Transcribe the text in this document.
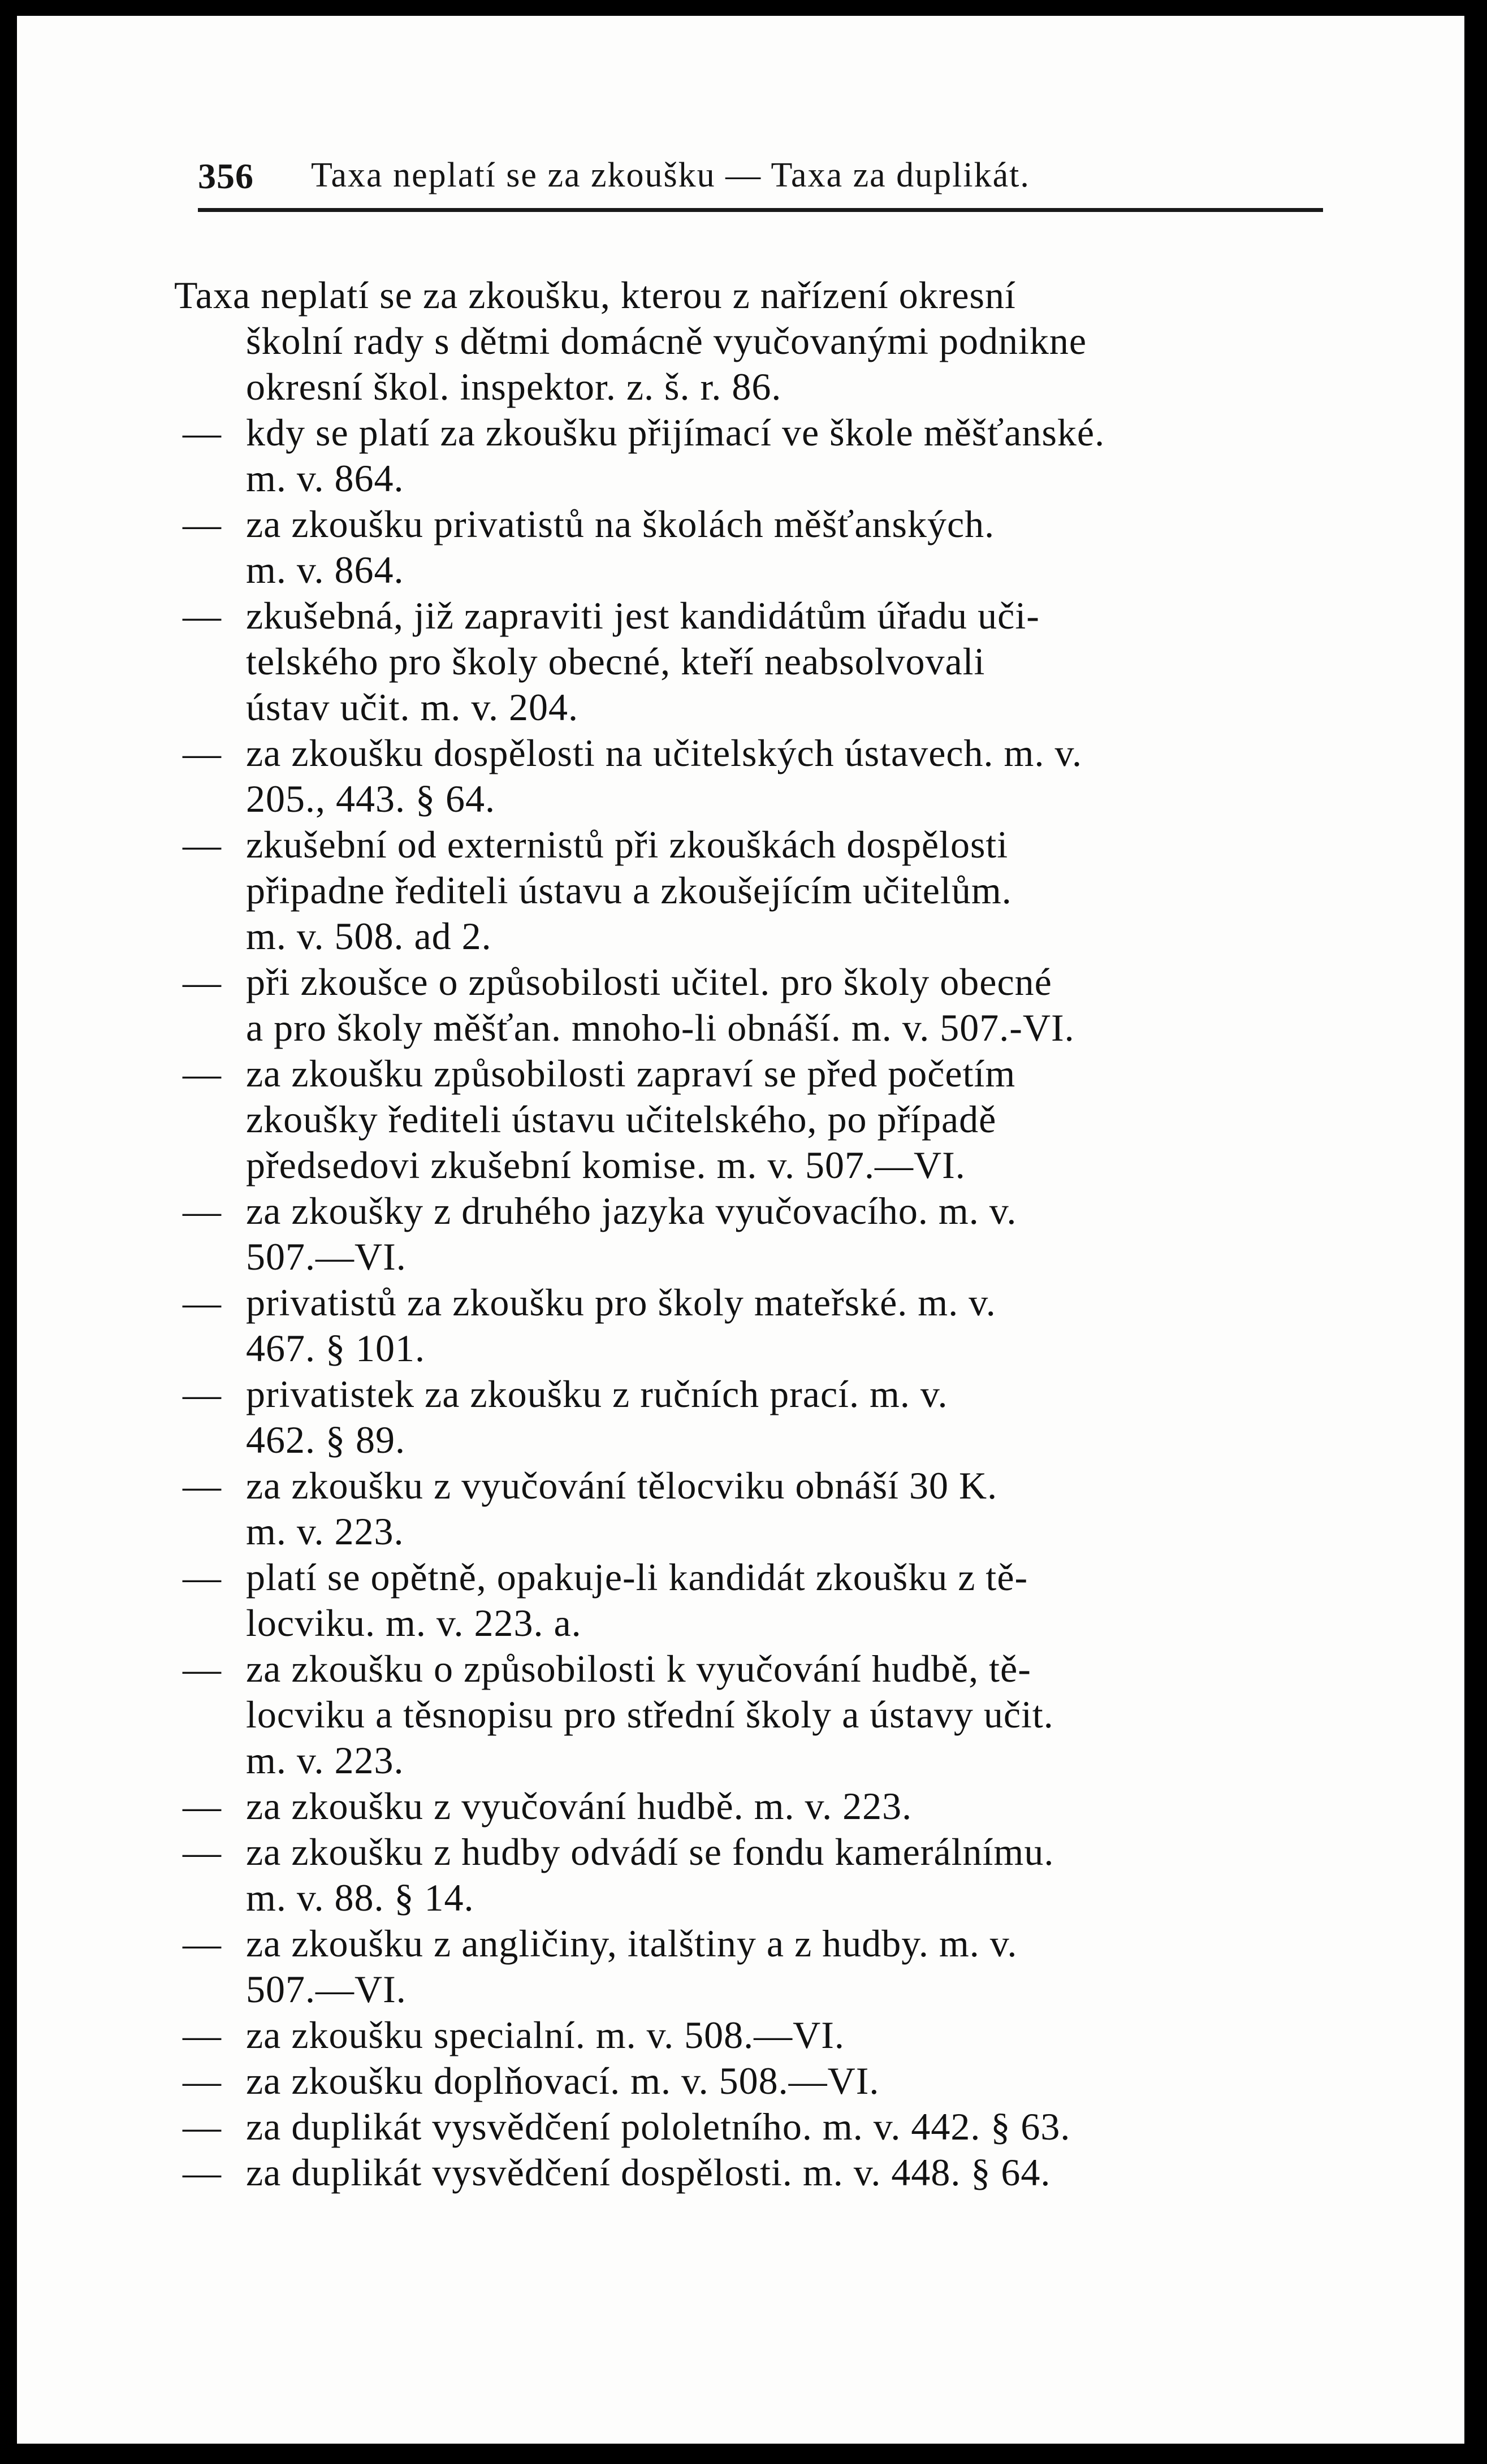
356 Taxa neplatí se za zkoušku — Taxa za duplikát.
Taxa neplatí se za zkoušku, kterou z nařízení okresní
školní rady s dětmi domácně vyučovanými podnikne
okresní škol. inspektor. z. š. r. 86.
— kdy se platí za zkoušku přijímací ve škole měšťanské.
m. v. 864.
— za zkoušku privatistů na školách měšťanských.
m. v. 864.
— zkušebná, již zapraviti jest kandidátům úřadu uči-
telského pro školy obecné, kteří neabsolvovali
ústav učit. m. v. 204.
— za zkoušku dospělosti na učitelských ústavech. m. v.
205., 443. § 64.
— zkušební od externistů při zkouškách dospělosti
připadne řediteli ústavu a zkoušejícím učitelům.
m. v. 508. ad 2.
— při zkoušce o způsobilosti učitel. pro školy obecné
a pro školy měšťan. mnoho-li obnáší. m. v. 507.-VI.
— za zkoušku způsobilosti zapraví se před početím
zkoušky řediteli ústavu učitelského, po případě
předsedovi zkušební komise. m. v. 507.—VI.
— za zkoušky z druhého jazyka vyučovacího. m. v.
507.—VI.
— privatistů za zkoušku pro školy mateřské. m. v.
467. § 101.
— privatistek za zkoušku z ručních prací. m. v.
462. § 89.
— za zkoušku z vyučování tělocviku obnáší 30 K.
m. v. 223.
— platí se opětně, opakuje-li kandidát zkoušku z tě-
locviku. m. v. 223. a.
— za zkoušku o způsobilosti k vyučování hudbě, tě-
locviku a těsnopisu pro střední školy a ústavy učit.
m. v. 223.
— za zkoušku z vyučování hudbě. m. v. 223.
— za zkoušku z hudby odvádí se fondu kamerálnímu.
m. v. 88. § 14.
— za zkoušku z angličiny, italštiny a z hudby. m. v.
507.—VI.
— za zkoušku specialní. m. v. 508.—VI.
— za zkoušku doplňovací. m. v. 508.—VI.
— za duplikát vysvědčení pololetního. m. v. 442. § 63.
— za duplikát vysvědčení dospělosti. m. v. 448. § 64.
